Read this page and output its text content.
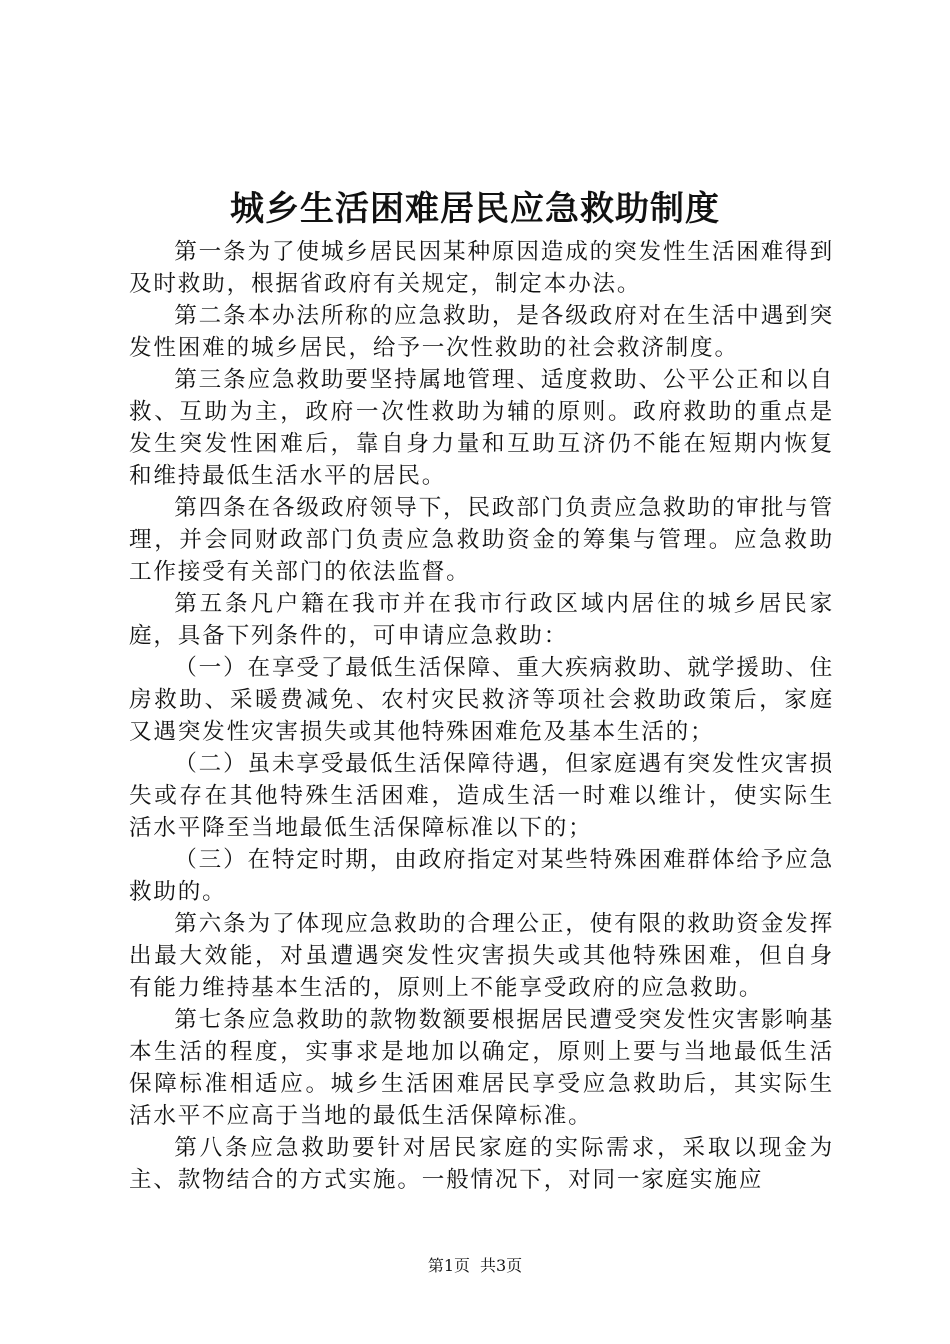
城乡生活困难居民应急救助制度

第一条为了使城乡居民因某种原因造成的突发性生活困难得到及时救助，根据省政府有关规定，制定本办法。

第二条本办法所称的应急救助，是各级政府对在生活中遇到突发性困难的城乡居民，给予一次性救助的社会救济制度。

第三条应急救助要坚持属地管理、适度救助、公平公正和以自救、互助为主，政府一次性救助为辅的原则。政府救助的重点是发生突发性困难后，靠自身力量和互助互济仍不能在短期内恢复和维持最低生活水平的居民。

第四条在各级政府领导下，民政部门负责应急救助的审批与管理，并会同财政部门负责应急救助资金的筹集与管理。应急救助工作接受有关部门的依法监督。

第五条凡户籍在我市并在我市行政区域内居住的城乡居民家庭，具备下列条件的，可申请应急救助：

（一）在享受了最低生活保障、重大疾病救助、就学援助、住房救助、采暖费减免、农村灾民救济等项社会救助政策后，家庭又遇突发性灾害损失或其他特殊困难危及基本生活的；

（二）虽未享受最低生活保障待遇，但家庭遇有突发性灾害损失或存在其他特殊生活困难，造成生活一时难以维计，使实际生活水平降至当地最低生活保障标准以下的；

（三）在特定时期，由政府指定对某些特殊困难群体给予应急救助的。

第六条为了体现应急救助的合理公正，使有限的救助资金发挥出最大效能，对虽遭遇突发性灾害损失或其他特殊困难，但自身有能力维持基本生活的，原则上不能享受政府的应急救助。

第七条应急救助的款物数额要根据居民遭受突发性灾害影响基本生活的程度，实事求是地加以确定，原则上要与当地最低生活保障标准相适应。城乡生活困难居民享受应急救助后，其实际生活水平不应高于当地的最低生活保障标准。

第八条应急救助要针对居民家庭的实际需求，采取以现金为主、款物结合的方式实施。一般情况下，对同一家庭实施应

第1页 共3页
